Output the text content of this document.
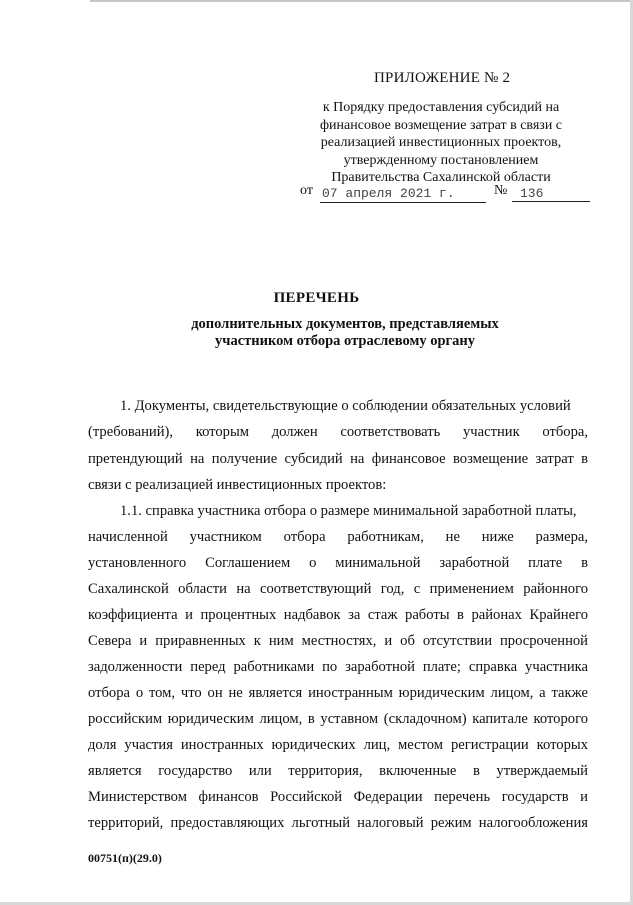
ПРИЛОЖЕНИЕ № 2
к Порядку предоставления субсидий на
финансовое возмещение затрат в связи с
реализацией инвестиционных проектов,
утвержденному постановлением
Правительства Сахалинской области
от 07 апреля 2021 г.	№ 136
ПЕРЕЧЕНЬ
дополнительных документов, представляемых
участником отбора отраслевому органу
1. Документы, свидетельствующие о соблюдении обязательных условий
(требований), которым должен соответствовать участник отбора,
претендующий на получение субсидий на финансовое возмещение затрат в
связи с реализацией инвестиционных проектов:
1.1. справка участника отбора о размере минимальной заработной платы,
начисленной участником отбора работникам, не ниже размера,
установленного Соглашением о минимальной заработной плате в
Сахалинской области на соответствующий год, с применением районного
коэффициента и процентных надбавок за стаж работы в районах Крайнего
Севера и приравненных к ним местностях, и об отсутствии просроченной
задолженности перед работниками по заработной плате; справка участника
отбора о том, что он не является иностранным юридическим лицом, а также
российским юридическим лицом, в уставном (складочном) капитале которого
доля участия иностранных юридических лиц, местом регистрации которых
является государство или территория, включенные в утверждаемый
Министерством финансов Российской Федерации перечень государств и
территорий, предоставляющих льготный налоговый режим налогообложения
00751(п)(29.0)
